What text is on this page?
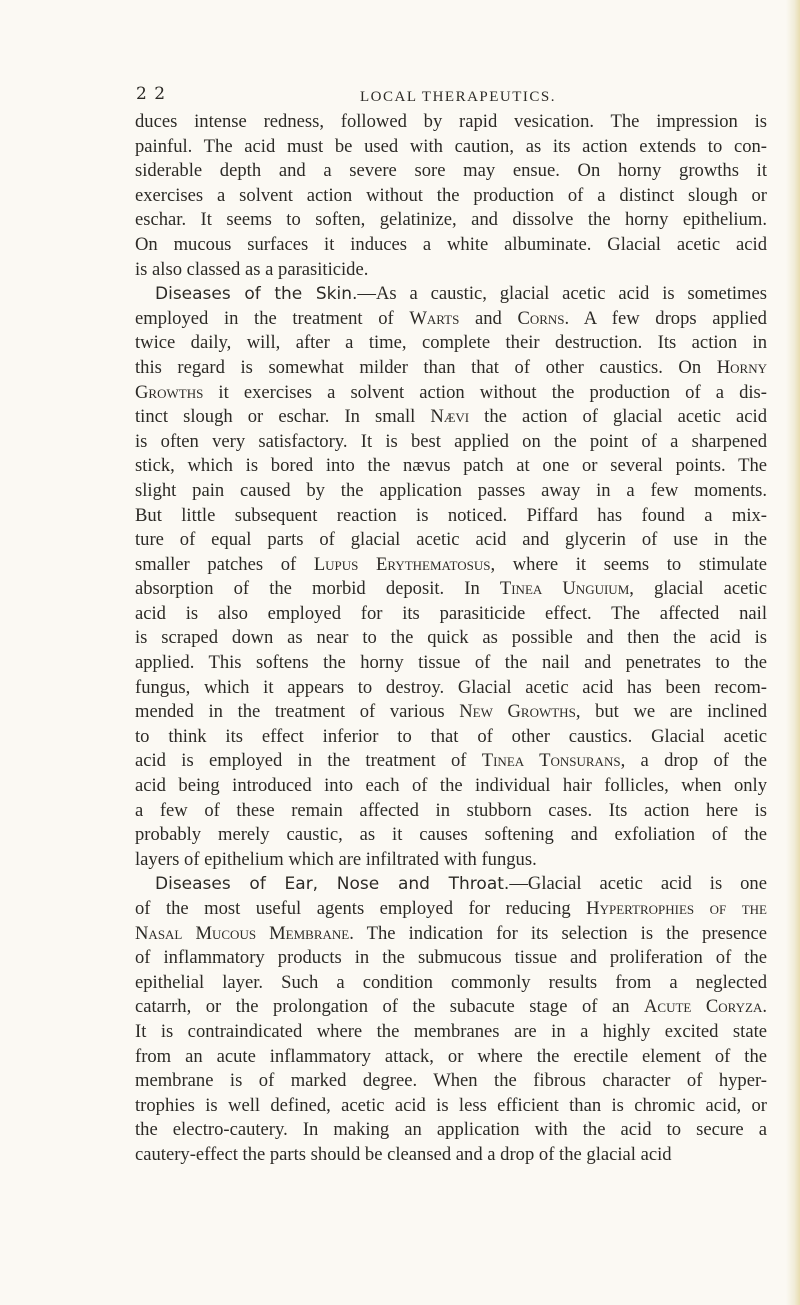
2 2	LOCAL THERAPEUTICS.
duces intense redness, followed by rapid vesication. The impression is
painful. The acid must be used with caution, as its action extends to con-
siderable depth and a severe sore may ensue. On horny growths it
exercises a solvent action without the production of a distinct slough or
eschar. It seems to soften, gelatinize, and dissolve the horny epithelium.
On mucous surfaces it induces a white albuminate. Glacial acetic acid
is also classed as a parasiticide.
Diseases of the Skin.—As a caustic, glacial acetic acid is sometimes
employed in the treatment of Warts and Corns. A few drops applied
twice daily, will, after a time, complete their destruction. Its action in
this regard is somewhat milder than that of other caustics. On Horny
Growths it exercises a solvent action without the production of a dis-
tinct slough or eschar. In small Nævi the action of glacial acetic acid
is often very satisfactory. It is best applied on the point of a sharpened
stick, which is bored into the nævus patch at one or several points. The
slight pain caused by the application passes away in a few moments.
But little subsequent reaction is noticed. Piffard has found a mix-
ture of equal parts of glacial acetic acid and glycerin of use in the
smaller patches of Lupus Erythematosus, where it seems to stimulate
absorption of the morbid deposit. In Tinea Unguium, glacial acetic
acid is also employed for its parasiticide effect. The affected nail
is scraped down as near to the quick as possible and then the acid is
applied. This softens the horny tissue of the nail and penetrates to the
fungus, which it appears to destroy. Glacial acetic acid has been recom-
mended in the treatment of various New Growths, but we are inclined
to think its effect inferior to that of other caustics. Glacial acetic
acid is employed in the treatment of Tinea Tonsurans, a drop of the
acid being introduced into each of the individual hair follicles, when only
a few of these remain affected in stubborn cases. Its action here is
probably merely caustic, as it causes softening and exfoliation of the
layers of epithelium which are infiltrated with fungus.
Diseases of Ear, Nose and Throat.—Glacial acetic acid is one
of the most useful agents employed for reducing Hypertrophies of the
Nasal Mucous Membrane. The indication for its selection is the presence
of inflammatory products in the submucous tissue and proliferation of the
epithelial layer. Such a condition commonly results from a neglected
catarrh, or the prolongation of the subacute stage of an Acute Coryza.
It is contraindicated where the membranes are in a highly excited state
from an acute inflammatory attack, or where the erectile element of the
membrane is of marked degree. When the fibrous character of hyper-
trophies is well defined, acetic acid is less efficient than is chromic acid, or
the electro-cautery. In making an application with the acid to secure a
cautery-effect the parts should be cleansed and a drop of the glacial acid
